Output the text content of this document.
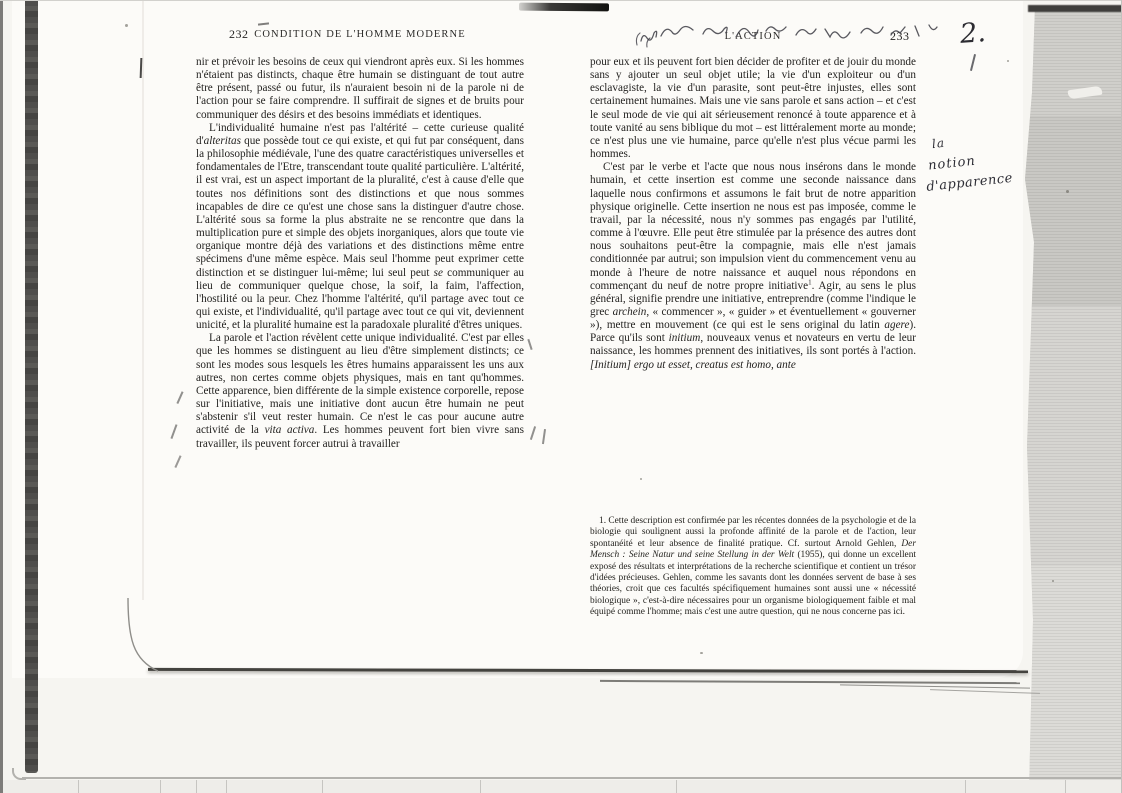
232 CONDITION DE L'HOMME MODERNE	L'ACTION	233

nir et prévoir les besoins de ceux qui viendront après eux. Si les hommes n'étaient pas distincts, chaque être humain se distinguant de tout autre être présent, passé ou futur, ils n'auraient besoin ni de la parole ni de l'action pour se faire comprendre. Il suffirait de signes et de bruits pour communiquer des désirs et des besoins immédiats et identiques.

L'individualité humaine n'est pas l'altérité – cette curieuse qualité d'alteritas que possède tout ce qui existe, et qui fut par conséquent, dans la philosophie médiévale, l'une des quatre caractéristiques universelles et fondamentales de l'Etre, transcendant toute qualité particulière. L'altérité, il est vrai, est un aspect important de la pluralité, c'est à cause d'elle que toutes nos définitions sont des distinctions et que nous sommes incapables de dire ce qu'est une chose sans la distinguer d'autre chose. L'altérité sous sa forme la plus abstraite ne se rencontre que dans la multiplication pure et simple des objets inorganiques, alors que toute vie organique montre déjà des variations et des distinctions même entre spécimens d'une même espèce. Mais seul l'homme peut exprimer cette distinction et se distinguer lui-même; lui seul peut se communiquer au lieu de communiquer quelque chose, la soif, la faim, l'affection, l'hostilité ou la peur. Chez l'homme l'altérité, qu'il partage avec tout ce qui existe, et l'individualité, qu'il partage avec tout ce qui vit, deviennent unicité, et la pluralité humaine est la paradoxale pluralité d'êtres uniques.

La parole et l'action révèlent cette unique individualité. C'est par elles que les hommes se distinguent au lieu d'être simplement distincts; ce sont les modes sous lesquels les êtres humains apparaissent les uns aux autres, non certes comme objets physiques, mais en tant qu'hommes. Cette apparence, bien différente de la simple existence corporelle, repose sur l'initiative, mais une initiative dont aucun être humain ne peut s'abstenir s'il veut rester humain. Ce n'est le cas pour aucune autre activité de la vita activa. Les hommes peuvent fort bien vivre sans travailler, ils peuvent forcer autrui à travailler

pour eux et ils peuvent fort bien décider de profiter et de jouir du monde sans y ajouter un seul objet utile; la vie d'un exploiteur ou d'un esclavagiste, la vie d'un parasite, sont peut-être injustes, elles sont certainement humaines. Mais une vie sans parole et sans action – et c'est le seul mode de vie qui ait sérieusement renoncé à toute apparence et à toute vanité au sens biblique du mot – est littéralement morte au monde; ce n'est plus une vie humaine, parce qu'elle n'est plus vécue parmi les hommes.

C'est par le verbe et l'acte que nous nous insérons dans le monde humain, et cette insertion est comme une seconde naissance dans laquelle nous confirmons et assumons le fait brut de notre apparition physique originelle. Cette insertion ne nous est pas imposée, comme le travail, par la nécessité, nous n'y sommes pas engagés par l'utilité, comme à l'œuvre. Elle peut être stimulée par la présence des autres dont nous souhaitons peut-être la compagnie, mais elle n'est jamais conditionnée par autrui; son impulsion vient du commencement venu au monde à l'heure de notre naissance et auquel nous répondons en commençant du neuf de notre propre initiative$^1$. Agir, au sens le plus général, signifie prendre une initiative, entreprendre (comme l'indique le grec archein, « commencer », « guider » et éventuellement « gouverner »), mettre en mouvement (ce qui est le sens original du latin agere). Parce qu'ils sont initium, nouveaux venus et novateurs en vertu de leur naissance, les hommes prennent des initiatives, ils sont portés à l'action. [Initium] ergo ut esset, creatus est homo, ante

1. Cette description est confirmée par les récentes données de la psychologie et de la biologie qui soulignent aussi la profonde affinité de la parole et de l'action, leur spontanéité et leur absence de finalité pratique. Cf. surtout Arnold Gehlen, Der Mensch : Seine Natur und seine Stellung in der Welt (1955), qui donne un excellent exposé des résultats et interprétations de la recherche scientifique et contient un trésor d'idées précieuses. Gehlen, comme les savants dont les données servent de base à ses théories, croit que ces facultés spécifiquement humaines sont aussi une « nécessité biologique », c'est-à-dire nécessaires pour un organisme biologiquement faible et mal équipé comme l'homme; mais c'est une autre question, qui ne nous concerne pas ici.

2.
la
notion
d'apparence
